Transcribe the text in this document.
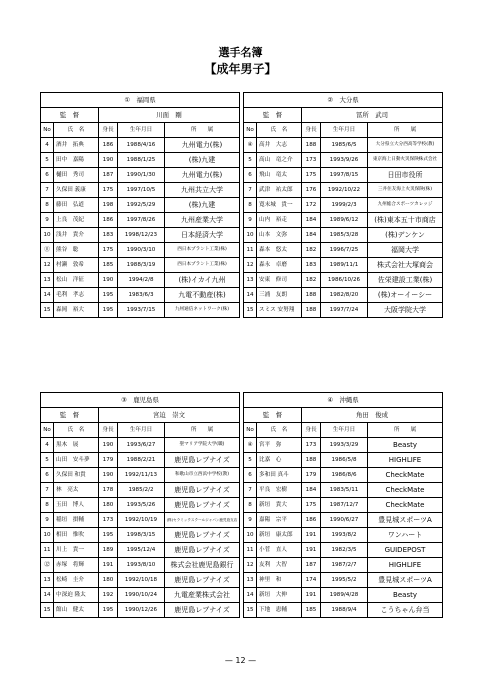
選手名簿
【成年男子】
①　福岡県				
監　督		川面　剛		
No	氏　名	身長	生年月日	所　　属
4	酒井　拓典	186	1988/4/16	九州電力(株)
5	田中　嘉陽	190	1988/1/25	(株)九建
6	樋田　秀司	187	1990/1/30	九州電力(株)
7	久保田 義康	175	1997/10/5	九州共立大学
8	藤田　弘道	198	1992/5/29	(株)九建
9	上良　茂紀	186	1997/8/26	九州産業大学
10	浅井　貴介	183	1998/12/23	日本経済大学
⑪	熊谷　聡	175	1990/3/10	西日本プラント工業(株)
12	村瀬　敦希	185	1988/3/19	西日本プラント工業(株)
13	松山　洋征	190	1994/2/8	(株)イカイ九州
14	毛利　孝志	195	1983/6/3	九電不動産(株)
15	森岡　裕大	195	1993/7/15	九州通信ネットワーク(株)
②　大分県				
監　督		冨所　武司		
No	氏　名	身長	生年月日	所　　属
④	高井　大志	188	1985/6/5	大分県立大分西高等学校(教)
5	高山　竜之介	173	1993/9/26	東京海上日動火災保険株式会社
6	飛山　竜太	175	1997/8/15	日田市役所
7	武津　祐太郎	176	1992/10/22	三井住友海上火災保険(株)
8	寛末城　貴一	172	1999/2/3	九州総合スポーツカレッジ
9	山内　裕走	184	1989/6/12	(株)東本五十市商店
10	山本　文弥	184	1985/3/28	(株)デンケン
11	森本　悠太	182	1996/7/25	福岡大学
12	森永　卓磨	183	1989/11/1	株式会社大塚商会
13	安東　修司	182	1986/10/26	佐栄建設工業(株)
14	三浦　友朗	188	1982/8/20	(株)オーイーシー
15	スミス 安努翔	188	1997/7/24	大阪学院大学
③　鹿児島県				
監　督		宮迫　崇文		
No	氏　名	身長	生年月日	所　　属
4	黒木　展	190	1993/6/27	聖マリア学院大学(職)
5	山田　安斗夢	179	1988/2/21	鹿児島レブナイズ
6	久保田 和貴	190	1992/11/13	和歌山市立西浜中学校(教)
7	林　亮太	178	1985/2/2	鹿児島レブナイズ
8	玉田　博人	180	1993/5/26	鹿児島レブナイズ
9	稲垣　損輔	173	1992/10/19	(株)セラミックスクールジャパン鹿児島支店
10	相田　惟吹	195	1998/3/15	鹿児島レブナイズ
11	川上　貴一	189	1995/12/4	鹿児島レブナイズ
⑫	赤塚　将輝	191	1993/8/10	株式会社鹿児島銀行
13	松崎　圭介	180	1992/10/18	鹿児島レブナイズ
14	中深迫 隆太	192	1990/10/24	九電産業株式会社
15	館山　健太	195	1990/12/26	鹿児島レブナイズ
④　沖縄県				
監　督		角田　俊成		
No	氏　名	身長	生年月日	所　　属
④	宮平　弥	173	1993/3/29	Beasty
5	比嘉　心	188	1986/5/8	HIGHLIFE
6	多和田 真斗	179	1986/8/6	CheckMate
7	平良　宏樹	184	1983/5/11	CheckMate
8	新垣　貴大	175	1987/12/7	CheckMate
9	嘉陽　宗平	186	1990/6/27	豊見城スポーツA
10	新垣　康太郎	191	1993/8/2	ワンハート
11	小菅　直人	191	1982/3/5	GUIDEPOST
12	友利　大智	187	1987/2/7	HIGHLIFE
13	神里　和	174	1995/5/2	豊見城スポーツA
14	新垣　大伸	191	1989/4/28	Beasty
15	下地　恵輔	185	1988/9/4	こうちゃん弁当
— 12 —
